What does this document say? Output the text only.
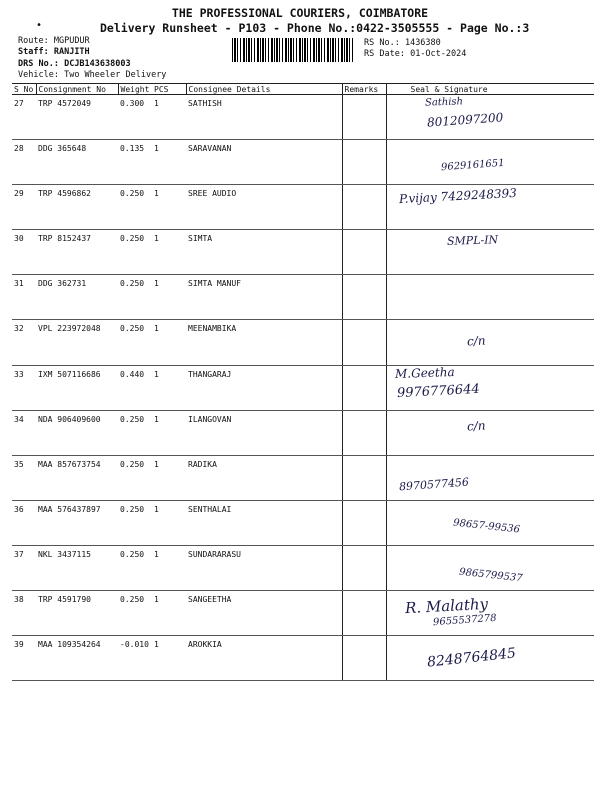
•
THE PROFESSIONAL COURIERS, COIMBATORE
Delivery Runsheet - P103 - Phone No.:0422-3505555 - Page No.:3
Route: MGPUDUR
Staff: RANJITH
DRS No.: DCJB143638003
Vehicle: Two Wheeler Delivery
RS No.: 1436380
RS Date: 01-Oct-2024
S No	Consignment No	Weight	PCS	Consignee Details	Remarks	Seal & Signature
27	TRP 4572049	0.300	1	SATHISH		Sathish
8012097200

28	DDG 365648	0.135	1	SARAVANAN		9629161651

29	TRP 4596862	0.250	1	SREE AUDIO		P.vijay 7429248393

30	TRP 8152437	0.250	1	SIMTA		SMPL-IN

31	DDG 362731	0.250	1	SIMTA MANUF		

32	VPL 223972048	0.250	1	MEENAMBIKA		c/n

33	IXM 507116686	0.440	1	THANGARAJ		M.Geetha
9976776644

34	NDA 906409600	0.250	1	ILANGOVAN		c/n

35	MAA 857673754	0.250	1	RADIKA		8970577456

36	MAA 576437897	0.250	1	SENTHALAI		98657-99536

37	NKL 3437115	0.250	1	SUNDARARASU		9865799537

38	TRP 4591790	0.250	1	SANGEETHA		R. Malathy
9655537278

39	MAA 109354264	-0.010	1	AROKKIA		8248764845
